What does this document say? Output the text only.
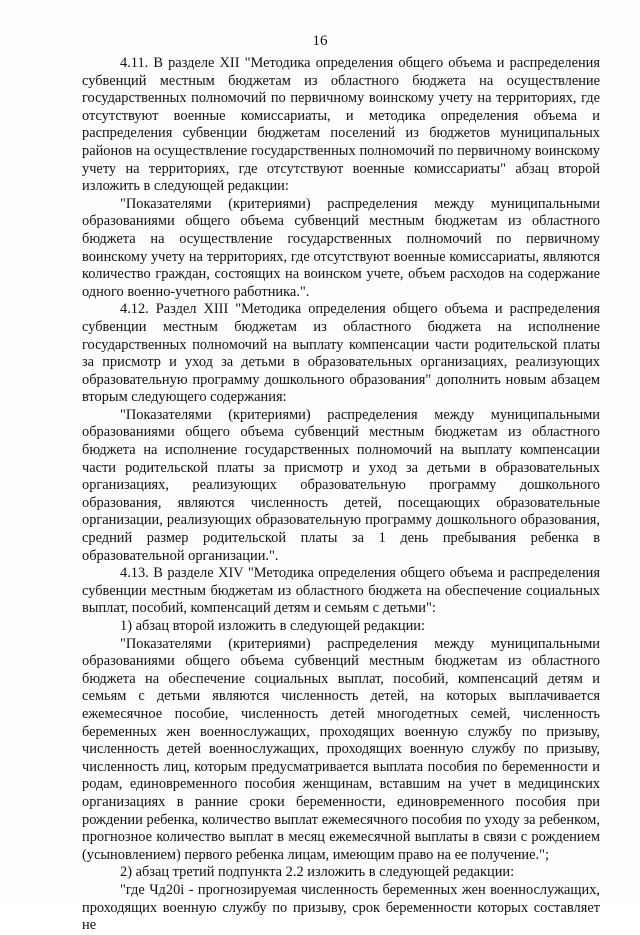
16

4.11. В разделе XII "Методика определения общего объема и распределения субвенций местным бюджетам из областного бюджета на осуществление государственных полномочий по первичному воинскому учету на территориях, где отсутствуют военные комиссариаты, и методика определения объема и распределения субвенции бюджетам поселений из бюджетов муниципальных районов на осуществление государственных полномочий по первичному воинскому учету на территориях, где отсутствуют военные комиссариаты" абзац второй изложить в следующей редакции:

"Показателями (критериями) распределения между муниципальными образованиями общего объема субвенций местным бюджетам из областного бюджета на осуществление государственных полномочий по первичному воинскому учету на территориях, где отсутствуют военные комиссариаты, являются количество граждан, состоящих на воинском учете, объем расходов на содержание одного военно-учетного работника.".

4.12. Раздел XIII "Методика определения общего объема и распределения субвенции местным бюджетам из областного бюджета на исполнение государственных полномочий на выплату компенсации части родительской платы за присмотр и уход за детьми в образовательных организациях, реализующих образовательную программу дошкольного образования" дополнить новым абзацем вторым следующего содержания:

"Показателями (критериями) распределения между муниципальными образованиями общего объема субвенций местным бюджетам из областного бюджета на исполнение государственных полномочий на выплату компенсации части родительской платы за присмотр и уход за детьми в образовательных организациях, реализующих образовательную программу дошкольного образования, являются численность детей, посещающих образовательные организации, реализующих образовательную программу дошкольного образования, средний размер родительской платы за 1 день пребывания ребенка в образовательной организации.".

4.13. В разделе XIV "Методика определения общего объема и распределения субвенции местным бюджетам из областного бюджета на обеспечение социальных выплат, пособий, компенсаций детям и семьям с детьми":

1) абзац второй изложить в следующей редакции:

"Показателями (критериями) распределения между муниципальными образованиями общего объема субвенций местным бюджетам из областного бюджета на обеспечение социальных выплат, пособий, компенсаций детям и семьям с детьми являются численность детей, на которых выплачивается ежемесячное пособие, численность детей многодетных семей, численность беременных жен военнослужащих, проходящих военную службу по призыву, численность детей военнослужащих, проходящих военную службу по призыву, численность лиц, которым предусматривается выплата пособия по беременности и родам, единовременного пособия женщинам, вставшим на учет в медицинских организациях в ранние сроки беременности, единовременного пособия при рождении ребенка, количество выплат ежемесячного пособия по уходу за ребенком, прогнозное количество выплат в месяц ежемесячной выплаты в связи с рождением (усыновлением) первого ребенка лицам, имеющим право на ее получение.";

2) абзац третий подпункта 2.2 изложить в следующей редакции:

"где Чд20i - прогнозируемая численность беременных жен военнослужащих, проходящих военную службу по призыву, срок беременности которых составляет не
